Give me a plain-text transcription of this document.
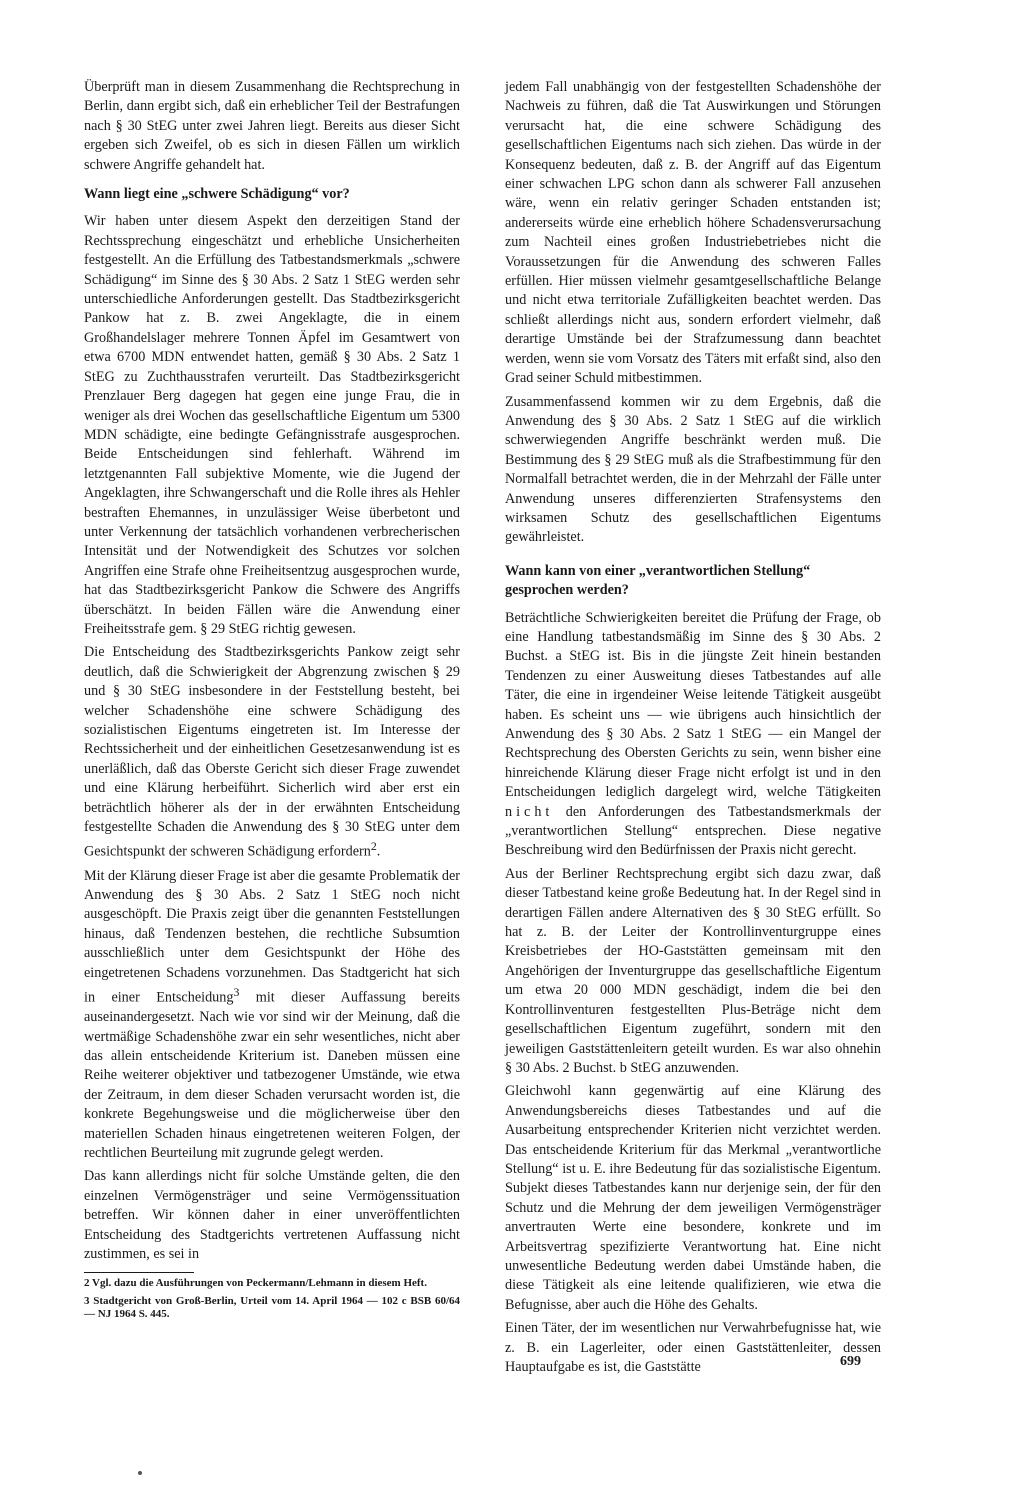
Überprüft man in diesem Zusammenhang die Rechtsprechung in Berlin, dann ergibt sich, daß ein erheblicher Teil der Bestrafungen nach § 30 StEG unter zwei Jahren liegt. Bereits aus dieser Sicht ergeben sich Zweifel, ob es sich in diesen Fällen um wirklich schwere Angriffe gehandelt hat.

Wann liegt eine „schwere Schädigung“ vor?

Wir haben unter diesem Aspekt den derzeitigen Stand der Rechtssprechung eingeschätzt und erhebliche Unsicherheiten festgestellt. An die Erfüllung des Tatbestandsmerkmals „schwere Schädigung“ im Sinne des § 30 Abs. 2 Satz 1 StEG werden sehr unterschiedliche Anforderungen gestellt. Das Stadtbezirksgericht Pankow hat z. B. zwei Angeklagte, die in einem Großhandelslager mehrere Tonnen Äpfel im Gesamtwert von etwa 6700 MDN entwendet hatten, gemäß § 30 Abs. 2 Satz 1 StEG zu Zuchthausstrafen verurteilt. Das Stadtbezirksgericht Prenzlauer Berg dagegen hat gegen eine junge Frau, die in weniger als drei Wochen das gesellschaftliche Eigentum um 5300 MDN schädigte, eine bedingte Gefängnisstrafe ausgesprochen. Beide Entscheidungen sind fehlerhaft. Während im letztgenannten Fall subjektive Momente, wie die Jugend der Angeklagten, ihre Schwangerschaft und die Rolle ihres als Hehler bestraften Ehemannes, in unzulässiger Weise überbetont und unter Verkennung der tatsächlich vorhandenen verbrecherischen Intensität und der Notwendigkeit des Schutzes vor solchen Angriffen eine Strafe ohne Freiheitsentzug ausgesprochen wurde, hat das Stadtbezirksgericht Pankow die Schwere des Angriffs überschätzt. In beiden Fällen wäre die Anwendung einer Freiheitsstrafe gem. § 29 StEG richtig gewesen.

Die Entscheidung des Stadtbezirksgerichts Pankow zeigt sehr deutlich, daß die Schwierigkeit der Abgrenzung zwischen § 29 und § 30 StEG insbesondere in der Feststellung besteht, bei welcher Schadenshöhe eine schwere Schädigung des sozialistischen Eigentums eingetreten ist. Im Interesse der Rechtssicherheit und der einheitlichen Gesetzesanwendung ist es unerläßlich, daß das Oberste Gericht sich dieser Frage zuwendet und eine Klärung herbeiführt. Sicherlich wird aber erst ein beträchtlich höherer als der in der erwähnten Entscheidung festgestellte Schaden die Anwendung des § 30 StEG unter dem Gesichtspunkt der schweren Schädigung erfordern$^2$.

Mit der Klärung dieser Frage ist aber die gesamte Problematik der Anwendung des § 30 Abs. 2 Satz 1 StEG noch nicht ausgeschöpft. Die Praxis zeigt über die genannten Feststellungen hinaus, daß Tendenzen bestehen, die rechtliche Subsumtion ausschließlich unter dem Gesichtspunkt der Höhe des eingetretenen Schadens vorzunehmen. Das Stadtgericht hat sich in einer Entscheidung$^3$ mit dieser Auffassung bereits auseinandergesetzt. Nach wie vor sind wir der Meinung, daß die wertmäßige Schadenshöhe zwar ein sehr wesentliches, nicht aber das allein entscheidende Kriterium ist. Daneben müssen eine Reihe weiterer objektiver und tatbezogener Umstände, wie etwa der Zeitraum, in dem dieser Schaden verursacht worden ist, die konkrete Begehungsweise und die möglicherweise über den materiellen Schaden hinaus eingetretenen weiteren Folgen, der rechtlichen Beurteilung mit zugrunde gelegt werden.

Das kann allerdings nicht für solche Umstände gelten, die den einzelnen Vermögensträger und seine Vermögenssituation betreffen. Wir können daher in einer unveröffentlichten Entscheidung des Stadtgerichts vertretenen Auffassung nicht zustimmen, es sei in

2 Vgl. dazu die Ausführungen von Peckermann/Lehmann in diesem Heft.

3 Stadtgericht von Groß-Berlin, Urteil vom 14. April 1964 — 102 c BSB 60/64 — NJ 1964 S. 445.

jedem Fall unabhängig von der festgestellten Schadenshöhe der Nachweis zu führen, daß die Tat Auswirkungen und Störungen verursacht hat, die eine schwere Schädigung des gesellschaftlichen Eigentums nach sich ziehen. Das würde in der Konsequenz bedeuten, daß z. B. der Angriff auf das Eigentum einer schwachen LPG schon dann als schwerer Fall anzusehen wäre, wenn ein relativ geringer Schaden entstanden ist; andererseits würde eine erheblich höhere Schadensverursachung zum Nachteil eines großen Industriebetriebes nicht die Voraussetzungen für die Anwendung des schweren Falles erfüllen. Hier müssen vielmehr gesamtgesellschaftliche Belange und nicht etwa territoriale Zufälligkeiten beachtet werden. Das schließt allerdings nicht aus, sondern erfordert vielmehr, daß derartige Umstände bei der Strafzumessung dann beachtet werden, wenn sie vom Vorsatz des Täters mit erfaßt sind, also den Grad seiner Schuld mitbestimmen.

Zusammenfassend kommen wir zu dem Ergebnis, daß die Anwendung des § 30 Abs. 2 Satz 1 StEG auf die wirklich schwerwiegenden Angriffe beschränkt werden muß. Die Bestimmung des § 29 StEG muß als die Strafbestimmung für den Normalfall betrachtet werden, die in der Mehrzahl der Fälle unter Anwendung unseres differenzierten Strafensystems den wirksamen Schutz des gesellschaftlichen Eigentums gewährleistet.

Wann kann von einer „verantwortlichen Stellung“ gesprochen werden?

Beträchtliche Schwierigkeiten bereitet die Prüfung der Frage, ob eine Handlung tatbestandsmäßig im Sinne des § 30 Abs. 2 Buchst. a StEG ist. Bis in die jüngste Zeit hinein bestanden Tendenzen zu einer Ausweitung dieses Tatbestandes auf alle Täter, die eine in irgendeiner Weise leitende Tätigkeit ausgeübt haben. Es scheint uns — wie übrigens auch hinsichtlich der Anwendung des § 30 Abs. 2 Satz 1 StEG — ein Mangel der Rechtsprechung des Obersten Gerichts zu sein, wenn bisher eine hinreichende Klärung dieser Frage nicht erfolgt ist und in den Entscheidungen lediglich dargelegt wird, welche Tätigkeiten nicht den Anforderungen des Tatbestandsmerkmals der „verantwortlichen Stellung“ entsprechen. Diese negative Beschreibung wird den Bedürfnissen der Praxis nicht gerecht.

Aus der Berliner Rechtsprechung ergibt sich dazu zwar, daß dieser Tatbestand keine große Bedeutung hat. In der Regel sind in derartigen Fällen andere Alternativen des § 30 StEG erfüllt. So hat z. B. der Leiter der Kontrollinventurgruppe eines Kreisbetriebes der HO-Gaststätten gemeinsam mit den Angehörigen der Inventurgruppe das gesellschaftliche Eigentum um etwa 20 000 MDN geschädigt, indem die bei den Kontrollinventuren festgestellten Plus-Beträge nicht dem gesellschaftlichen Eigentum zugeführt, sondern mit den jeweiligen Gaststättenleitern geteilt wurden. Es war also ohnehin § 30 Abs. 2 Buchst. b StEG anzuwenden.

Gleichwohl kann gegenwärtig auf eine Klärung des Anwendungsbereichs dieses Tatbestandes und auf die Ausarbeitung entsprechender Kriterien nicht verzichtet werden. Das entscheidende Kriterium für das Merkmal „verantwortliche Stellung“ ist u. E. ihre Bedeutung für das sozialistische Eigentum. Subjekt dieses Tatbestandes kann nur derjenige sein, der für den Schutz und die Mehrung der dem jeweiligen Vermögensträger anvertrauten Werte eine besondere, konkrete und im Arbeitsvertrag spezifizierte Verantwortung hat. Eine nicht unwesentliche Bedeutung werden dabei Umstände haben, die diese Tätigkeit als eine leitende qualifizieren, wie etwa die Befugnisse, aber auch die Höhe des Gehalts.

Einen Täter, der im wesentlichen nur Verwahrbefugnisse hat, wie z. B. ein Lagerleiter, oder einen Gaststättenleiter, dessen Hauptaufgabe es ist, die Gaststätte	699
